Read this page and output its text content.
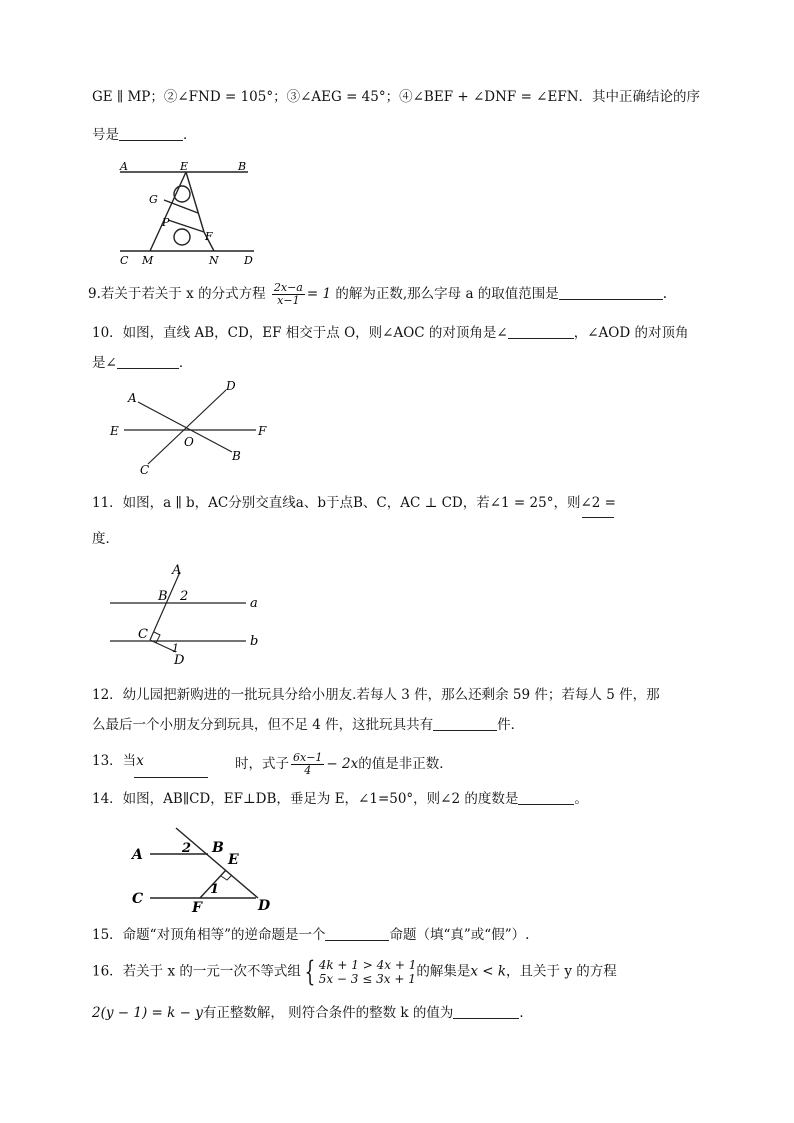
GE ∥ MP；②∠FND = 105°；③∠AEG = 45°；④∠BEF + ∠DNF = ∠EFN．其中正确结论的序
号是	．
A	E	B
G
P
F
C M	N D
9.若关于若关于 x 的分式方程 $\frac{2x-a}{x-1} = 1$ 的解为正数,那么字母 a 的取值范围是	.
10．如图，直线 AB，CD，EF 相交于点 O，则∠AOC 的对顶角是∠	，∠AOD 的对顶角
是∠	．
A
D
E	F
O
C
B
11．如图，a ∥ b，AC分别交直线a、b于点B、C，AC ⊥ CD，若∠1 = 25°，则∠2 =
度．
A
B 2	a
C
1	b
D
12．幼儿园把新购进的一批玩具分给小朋友.若每人 3 件，那么还剩余 59 件；若每人 5 件，那
么最后一个小朋友分到玩具，但不足 4 件，这批玩具共有	件．
13．当x	时，式子 $\frac{6x-1}{4} - 2x$的值是非正数．
14．如图，AB∥CD，EF⊥DB，垂足为 E，∠1=50°，则∠2 的度数是	。
A	2 B
E
C
1
F	D
15．命题“对顶角相等”的逆命题是一个	命题（填“真”或“假”）.
16．若关于 x 的一元一次不等式组 { 4k + 1 > 4x + 1
5x − 3 ≤ 3x + 1 的解集是x < k，且关于 y 的方程
2(y − 1) = k − y有正整数解， 则符合条件的整数 k 的值为	．
